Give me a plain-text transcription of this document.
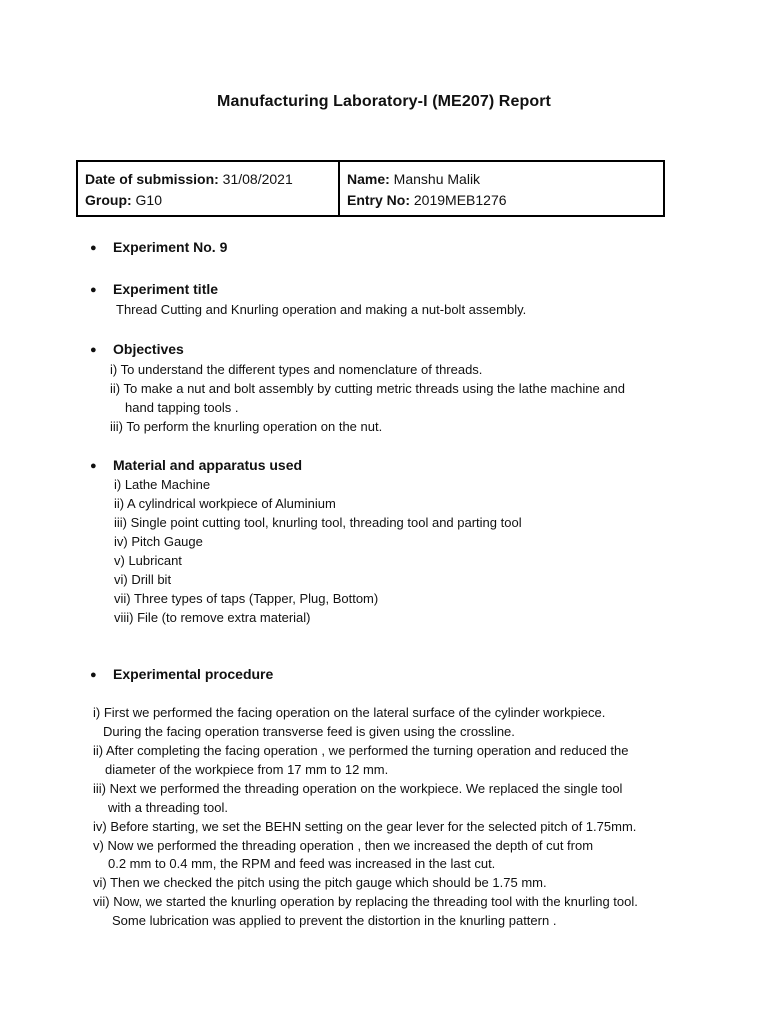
Manufacturing Laboratory-I (ME207) Report
Date of submission: 31/08/2021
Group: G10

Name: Manshu Malik
Entry No: 2019MEB1276
● Experiment No. 9
● Experiment title
Thread Cutting and Knurling operation and making a nut-bolt assembly.
● Objectives
i) To understand the different types and nomenclature of threads.
ii) To make a nut and bolt assembly by cutting metric threads using the lathe machine and
hand tapping tools .
iii) To perform the knurling operation on the nut.
● Material and apparatus used
i) Lathe Machine
ii) A cylindrical workpiece of Aluminium
iii) Single point cutting tool, knurling tool, threading tool and parting tool
iv) Pitch Gauge
v) Lubricant
vi) Drill bit
vii) Three types of taps (Tapper, Plug, Bottom)
viii) File (to remove extra material)
● Experimental procedure
i) First we performed the facing operation on the lateral surface of the cylinder workpiece.
During the facing operation transverse feed is given using the crossline.
ii) After completing the facing operation , we performed the turning operation and reduced the
diameter of the workpiece from 17 mm to 12 mm.
iii) Next we performed the threading operation on the workpiece. We replaced the single tool
with a threading tool.
iv) Before starting, we set the BEHN setting on the gear lever for the selected pitch of 1.75mm.
v) Now we performed the threading operation , then we increased the depth of cut from
0.2 mm to 0.4 mm, the RPM and feed was increased in the last cut.
vi) Then we checked the pitch using the pitch gauge which should be 1.75 mm.
vii) Now, we started the knurling operation by replacing the threading tool with the knurling tool.
Some lubrication was applied to prevent the distortion in the knurling pattern .
